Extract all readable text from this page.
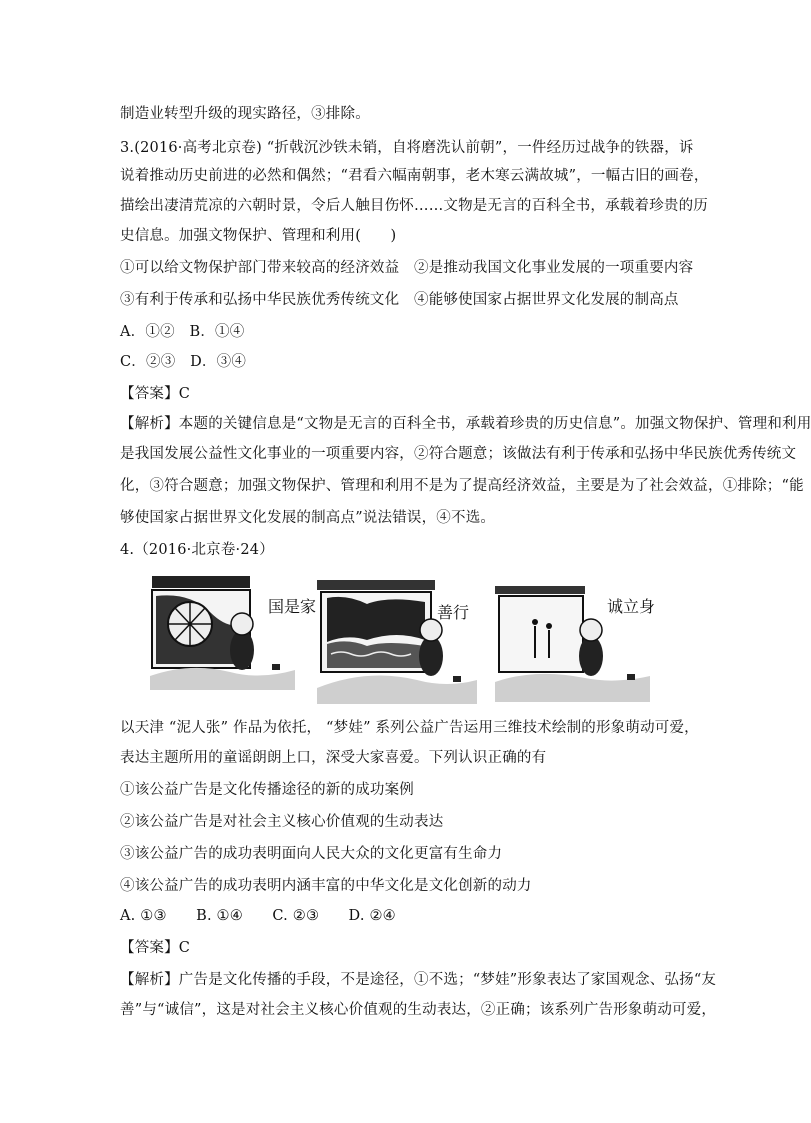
制造业转型升级的现实路径，③排除。
3.(2016·高考北京卷) “折戟沉沙铁未销，自将磨洗认前朝”，一件经历过战争的铁器，诉
说着推动历史前进的必然和偶然；“君看六幅南朝事，老木寒云满故城”，一幅古旧的画卷，
描绘出凄清荒凉的六朝时景，令后人触目伤怀……文物是无言的百科全书，承载着珍贵的历
史信息。加强文物保护、管理和利用(　　)
①可以给文物保护部门带来较高的经济效益　②是推动我国文化事业发展的一项重要内容
③有利于传承和弘扬中华民族优秀传统文化　④能够使国家占据世界文化发展的制高点
A．①②　B．①④
C．②③　D．③④
【答案】C
【解析】本题的关键信息是“文物是无言的百科全书，承载着珍贵的历史信息”。加强文物保护、管理和利用
是我国发展公益性文化事业的一项重要内容，②符合题意；该做法有利于传承和弘扬中华民族优秀传统文
化，③符合题意；加强文物保护、管理和利用不是为了提高经济效益，主要是为了社会效益，①排除；“能
够使国家占据世界文化发展的制高点”说法错误，④不选。
4.（2016·北京卷·24）
国是家	善行	诚立身
以天津 “泥人张” 作品为依托， “梦娃” 系列公益广告运用三维技术绘制的形象萌动可爱，
表达主题所用的童谣朗朗上口，深受大家喜爱。下列认识正确的有
①该公益广告是文化传播途径的新的成功案例
②该公益广告是对社会主义核心价值观的生动表达
③该公益广告的成功表明面向人民大众的文化更富有生命力
④该公益广告的成功表明内涵丰富的中华文化是文化创新的动力
A. ①③　　B. ①④　　C. ②③　　D. ②④
【答案】C
【解析】广告是文化传播的手段，不是途径，①不选；“梦娃”形象表达了家国观念、弘扬“友
善”与“诚信”，这是对社会主义核心价值观的生动表达，②正确；该系列广告形象萌动可爱，
